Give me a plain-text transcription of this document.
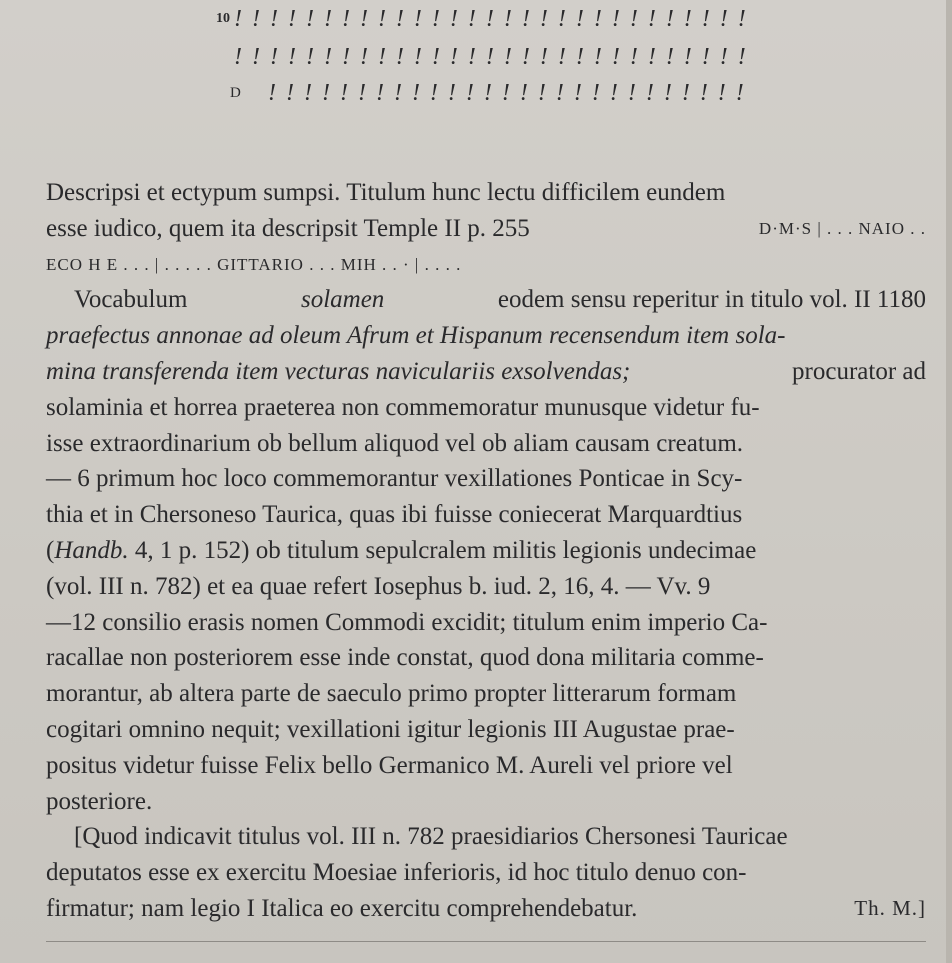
10 ! ! ! ! ! ! ! ! ! ! ! ! ! ! ! ! ! ! ! ! ! ! ! ! ! ! ! ! !
! ! ! ! ! ! ! ! ! ! ! ! ! ! ! ! ! ! ! ! ! ! ! ! ! ! ! ! !
D	! ! ! ! ! ! ! ! ! ! ! ! ! ! ! ! ! ! ! ! ! ! ! ! ! ! !
Descripsi et ectypum sumpsi. Titulum hunc lectu difficilem eundem
esse iudico, quem ita descripsit Temple II p. 255	D·M·S | . . . NAIO . .
ECO H E . . . | . . . . . GITTARIO . . . MIH . . · | . . . .
Vocabulum	solamen	eodem sensu reperitur in titulo vol. II 1180
praefectus annonae ad oleum Afrum et Hispanum recensendum item sola-
mina transferenda item vecturas naviculariis exsolvendas;	procurator ad
solaminia et horrea praeterea non commemoratur munusque videtur fu-
isse extraordinarium ob bellum aliquod vel ob aliam causam creatum.
— 6 primum hoc loco commemorantur vexillationes Ponticae in Scy-
thia et in Chersoneso Taurica, quas ibi fuisse coniecerat Marquardtius
(Handb. 4, 1 p. 152) ob titulum sepulcralem militis legionis undecimae
(vol. III n. 782) et ea quae refert Iosephus b. iud. 2, 16, 4. — Vv. 9
—12 consilio erasis nomen Commodi excidit; titulum enim imperio Ca-
racallae non posteriorem esse inde constat, quod dona militaria comme-
morantur, ab altera parte de saeculo primo propter litterarum formam
cogitari omnino nequit; vexillationi igitur legionis III Augustae prae-
positus videtur fuisse Felix bello Germanico M. Aureli vel priore vel
posteriore.
[Quod indicavit titulus vol. III n. 782 praesidiarios Chersonesi Tauricae
deputatos esse ex exercitu Moesiae inferioris, id hoc titulo denuo con-
firmatur; nam legio I Italica eo exercitu comprehendebatur.	Th. M.]
